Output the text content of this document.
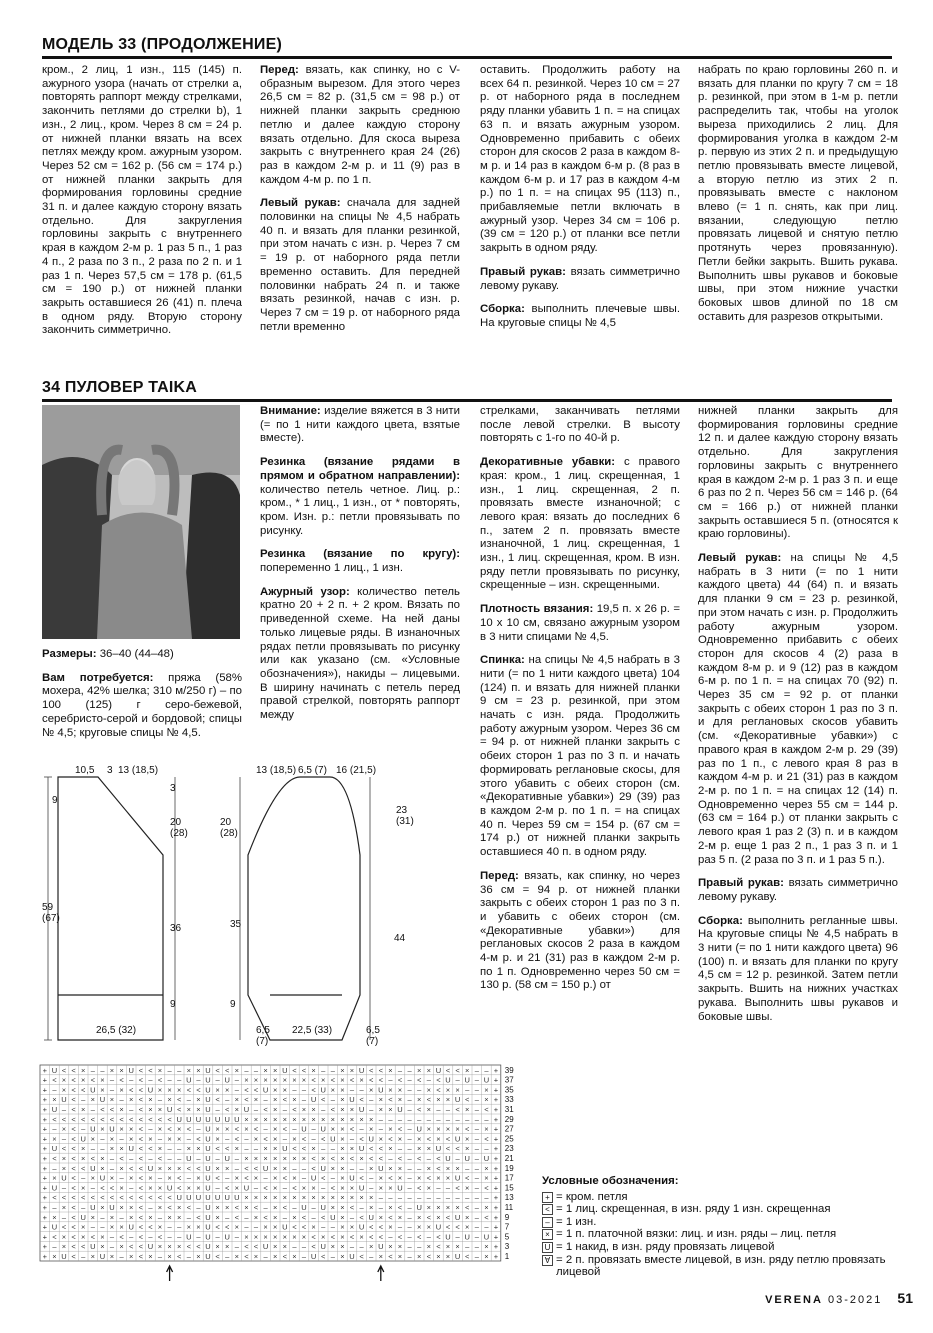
МОДЕЛЬ 33 (ПРОДОЛЖЕНИЕ)

кром., 2 лиц, 1 изн., 115 (145) п. ажурного узора (начать от стрелки а, повторять раппорт между стрелками, закончить петлями до стрелки b), 1 изн., 2 лиц., кром. Через 8 см = 24 р. от нижней планки вязать на всех петлях между кром. ажурным узором. Через 52 см = 162 р. (56 см = 174 р.) от нижней планки закрыть для формирования горловины средние 31 п. и далее каждую сторону вязать отдельно. Для закругления горловины закрыть с внутреннего края в каждом 2-м р. 1 раз 5 п., 1 раз 4 п., 2 раза по 3 п., 2 раза по 2 п. и 1 раз 1 п. Через 57,5 см = 178 р. (61,5 см = 190 р.) от нижней планки закрыть оставшиеся 26 (41) п. плеча в одном ряду. Вторую сторону закончить симметрично.

Перед: вязать, как спинку, но с V-образным вырезом. Для этого через 26,5 см = 82 р. (31,5 см = 98 р.) от нижней планки закрыть среднюю петлю и далее каждую сторону вязать отдельно. Для скоса выреза закрыть с внутреннего края 24 (26) раз в каждом 2-м р. и 11 (9) раз в каждом 4-м р. по 1 п.

Левый рукав: сначала для задней половинки на спицы № 4,5 набрать 40 п. и вязать для планки резинкой, при этом начать с изн. р. Через 7 см = 19 р. от наборного ряда петли временно оставить. Для передней половинки набрать 24 п. и также вязать резинкой, начав с изн. р. Через 7 см = 19 р. от наборного ряда петли временно

оставить. Продолжить работу на всех 64 п. резинкой. Через 10 см = 27 р. от наборного ряда в последнем ряду планки убавить 1 п. = на спицах 63 п. и вязать ажурным узором. Одновременно прибавить с обеих сторон для скосов 2 раза в каждом 8-м р. и 14 раз в каждом 6-м р. (8 раз в каждом 6-м р. и 17 раз в каждом 4-м р.) по 1 п. = на спицах 95 (113) п., прибавляемые петли включать в ажурный узор. Через 34 см = 106 р. (39 см = 120 р.) от планки все петли закрыть в одном ряду.

Правый рукав: вязать симметрично левому рукаву.

Сборка: выполнить плечевые швы. На круговые спицы № 4,5

набрать по краю горловины 260 п. и вязать для планки по кругу 7 см = 18 р. резинкой, при этом в 1-м р. петли распределить так, чтобы на уголок выреза приходились 2 лиц. Для формирования уголка в каждом 2-м р. первую из этих 2 п. и предыдущую петлю провязывать вместе лицевой, а вторую петлю из этих 2 п. провязывать вместе с наклоном влево (= 1 п. снять, как при лиц. вязании, следующую петлю провязать лицевой и снятую петлю протянуть через провязанную). Петли бейки закрыть. Вшить рукава. Выполнить швы рукавов и боковые швы, при этом нижние участки боковых швов длиной по 18 см оставить для разрезов открытыми.

34 ПУЛОВЕР TAIKA

Размеры: 36–40 (44–48)

Вам потребуется: пряжа (58% мохера, 42% шелка; 310 м/250 г) – по 100 (125) г серо-бежевой, серебристо-серой и бордовой; спицы № 4,5; круговые спицы № 4,5.

Внимание: изделие вяжется в 3 нити (= по 1 нити каждого цвета, взятые вместе).

Резинка (вязание рядами в прямом и обратном направлении): количество петель четное. Лиц. р.: кром., * 1 лиц., 1 изн., от * повторять, кром. Изн. р.: петли провязывать по рисунку.

Резинка (вязание по кругу): попеременно 1 лиц., 1 изн.

Ажурный узор: количество петель кратно 20 + 2 п. + 2 кром. Вязать по приведенной схеме. На ней даны только лицевые ряды. В изнаночных рядах петли провязывать по рисунку или как указано (см. «Условные обозначения»), накиды – лицевыми. В ширину начинать с петель перед правой стрелкой, повторять раппорт между

стрелками, заканчивать петлями после левой стрелки. В высоту повторять с 1-го по 40-й р.

Декоративные убавки: с правого края: кром., 1 лиц. скрещенная, 1 изн., 1 лиц. скрещенная, 2 п. провязать вместе изнаночной; с левого края: вязать до последних 6 п., затем 2 п. провязать вместе изнаночной, 1 лиц. скрещенная, 1 изн., 1 лиц. скрещенная, кром. В изн. ряду петли провязывать по рисунку, скрещенные – изн. скрещенными.

Плотность вязания: 19,5 п. x 26 р. = 10 x 10 см, связано ажурным узором в 3 нити спицами № 4,5.

Спинка: на спицы № 4,5 набрать в 3 нити (= по 1 нити каждого цвета) 104 (124) п. и вязать для нижней планки 9 см = 23 р. резинкой, при этом начать с изн. ряда. Продолжить работу ажурным узором. Через 36 см = 94 р. от нижней планки закрыть с обеих сторон 1 раз по 3 п. и начать формировать реглановые скосы, для этого убавить с обеих сторон (см. «Декоративные убавки») 29 (39) раз в каждом 2-м р. по 1 п. = на спицах 40 п. Через 59 см = 154 р. (67 см = 174 р.) от нижней планки закрыть оставшиеся 40 п. в одном ряду.

Перед: вязать, как спинку, но через 36 см = 94 р. от нижней планки закрыть с обеих сторон 1 раз по 3 п. и убавить с обеих сторон (см. «Декоративные убавки») для реглановых скосов 2 раза в каждом 4-м р. и 21 (31) раз в каждом 2-м р. по 1 п. Одновременно через 50 см = 130 р. (58 см = 150 р.) от

нижней планки закрыть для формирования горловины средние 12 п. и далее каждую сторону вязать отдельно. Для закругления горловины закрыть с внутреннего края в каждом 2-м р. 1 раз 3 п. и еще 6 раз по 2 п. Через 56 см = 146 р. (64 см = 166 р.) от нижней планки закрыть оставшиеся 5 п. (относятся к краю горловины).

Левый рукав: на спицы № 4,5 набрать в 3 нити (= по 1 нити каждого цвета) 44 (64) п. и вязать для планки 9 см = 23 р. резинкой, при этом начать с изн. р. Продолжить работу ажурным узором. Одновременно прибавить с обеих сторон для скосов 4 (2) раза в каждом 8-м р. и 9 (12) раз в каждом 6-м р. по 1 п. = на спицах 70 (92) п. Через 35 см = 92 р. от планки закрыть с обеих сторон 1 раз по 3 п. и для реглановых скосов убавить (см. «Декоративные убавки») с правого края в каждом 2-м р. 29 (39) раз по 1 п., с левого края 8 раз в каждом 4-м р. и 21 (31) раз в каждом 2-м р. по 1 п. = на спицах 12 (14) п. Одновременно через 55 см = 144 р. (63 см = 164 р.) от планки закрыть с левого края 1 раз 2 (3) п. и в каждом 2-м р. еще 1 раз 2 п., 1 раз 3 п. и 1 раз 5 п. (2 раза по 3 п. и 1 раз 5 п.).

Правый рукав: вязать симметрично левому рукаву.

Сборка: выполнить регланные швы. На круговые спицы № 4,5 набрать в 3 нити (= по 1 нити каждого цвета) 96 (100) п. и вязать для планки по кругу 4,5 см = 12 р. резинкой. Затем петли закрыть. Вшить на нижних участках рукава. Выполнить швы рукавов и боковые швы.

10,5 3 13 (18,5)
9
59 (67)
3
20 (28)
36
9
26,5 (32)
13 (18,5) 6,5 (7) 16 (21,5)
20 (28)
35
9
23 (31)
44
6,5 (7)
22,5 (33)	6,5 (7)
+ U < < × – – × × U < < × – – × × U < < × – – × × U < < × – – × × U < < × – – × × U < < × – – +
+ < × < × < × – < – < – < – – U – U – U – × × × × × × × < × < × < × < < – < – < – < U – U – U +
+ – × < < U × – × < < U × × × < < U × × – < < U × × – – < U × × – – × U × × – – × < × × – – × +
+ × U < – × U × – × < × – × < – × U < – × < × – × < × – U < – × U < – × < × – × < × × U < – × +
+ U – < × – < < × – < × × U < × × U – < × U – < × – < × × – < × × U – × × U – < × – – < × – < +
+ < < < < < < < < < < < < < U U U U U U U × × × × × × × × × × × × × × – – – – – – – – – – – – +
+ – × < – U × U × × < – × < × < – U × × < × < – × < – U – U × × < – × – × < – U × × × × < – × +
+ × – < U × – × – × < × – × × – < U × – < – × < × – × < – < U × – < U × < × – × < × < U × – < +
+ U < < × – – × × U < < × – – × × U < < × – – × × U < < × – – × × U < < × – – × × U < < × – – +
+ < × < × < × – < – < – < – – U – U – U – × × × × × × × < × < × < × < < – < – < – < U – U – U +
+ – × < < U × – × < < U × × × < < U × × – < < U × × – – < U × × – – × U × × – – × < × × – – × +
+ × U < – × U × – × < × – × < – × U < – × < × – × < × – U < – × U < – × < × – × < × × U < – × +
+ U – < × – < < × – < × × U < × × U – < × U – < × – < × × – < × × U – × × U – < × – – < × – < +
+ < < < < < < < < < < < < < U U U U U U U × × × × × × × × × × × × × × – – – – – – – – – – – – +
+ – × < – U × U × × < – × < × < – U × × < × < – × < – U – U × × < – × – × < – U × × × × < – × +
+ × – < U × – × – × < × – × × – < U × – < – × < × – × < – < U × – < U × < × – × < × < U × – < +
+ U < < × – – × × U < < × – – × × U < < × – – × × U < < × – – × × U < < × – – × × U < < × – – +
+ < × < × < × – < – < – < – – U – U – U – × × × × × × × < × < × < × < < – < – < – < U – U – U +
+ – × < < U × – × < < U × × × < < U × × – < < U × × – – < U × × – – × U × × – – × < × × – – × +
+ × U < – × U × – × < × – × < – × U < – × < × – × < × – U < – × U < – × < × – × < × × U < – × +
39
37
35
33
31
29
27
25
23
21
19
17
15
13
11
9
7
5
3
1
Условные обозначения:
+ = кром. петля
< = 1 лиц. скрещенная, в изн. ряду 1 изн. скрещенная
– = 1 изн.
× = 1 п. платочной вязки: лиц. и изн. ряды – лиц. петля
U = 1 накид, в изн. ряду провязать лицевой
∀ = 2 п. провязать вместе лицевой, в изн. ряду петлю провязать лицевой
VERENA 03-2021 51
